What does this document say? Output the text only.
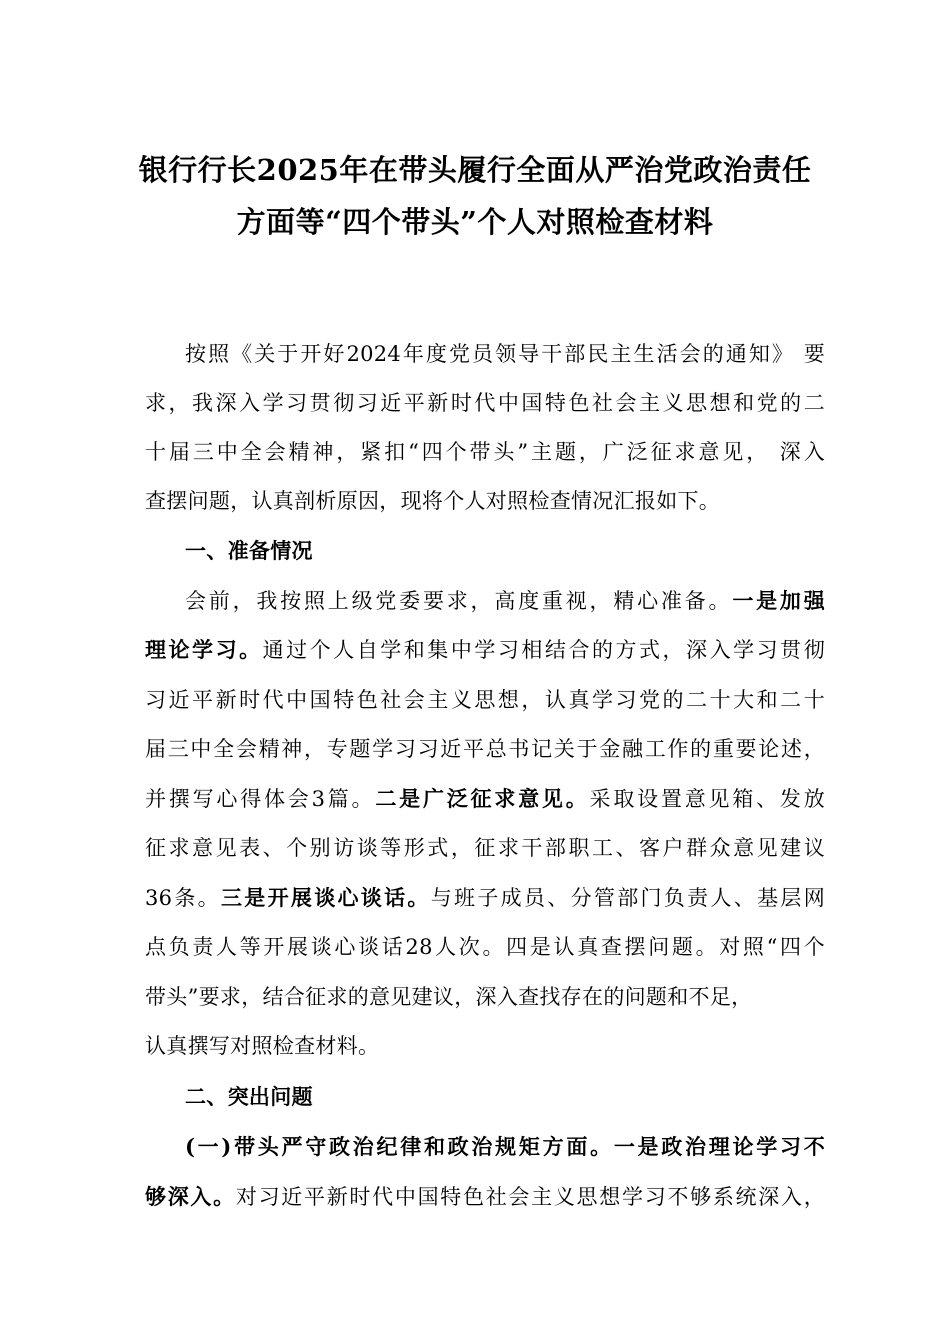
银行行长2025年在带头履行全面从严治党政治责任
方面等“四个带头”个人对照检查材料
按照《关于开好2024年度党员领导干部民主生活会的通知》 要
求，我深入学习贯彻习近平新时代中国特色社会主义思想和党的二
十届三中全会精神，紧扣“四个带头”主题，广泛征求意见， 深入
查摆问题，认真剖析原因，现将个人对照检查情况汇报如下。
一、准备情况
会前，我按照上级党委要求，高度重视，精心准备。一是加强
理论学习。通过个人自学和集中学习相结合的方式，深入学习贯彻
习近平新时代中国特色社会主义思想，认真学习党的二十大和二十
届三中全会精神，专题学习习近平总书记关于金融工作的重要论述，
并撰写心得体会3篇。二是广泛征求意见。采取设置意见箱、发放
征求意见表、个别访谈等形式，征求干部职工、客户群众意见建议
36条。三是开展谈心谈话。与班子成员、分管部门负责人、基层网
点负责人等开展谈心谈话28人次。四是认真查摆问题。对照“四个
带头”要求，结合征求的意见建议，深入查找存在的问题和不足，
认真撰写对照检查材料。
二、突出问题
(一)带头严守政治纪律和政治规矩方面。一是政治理论学习不
够深入。对习近平新时代中国特色社会主义思想学习不够系统深入，
